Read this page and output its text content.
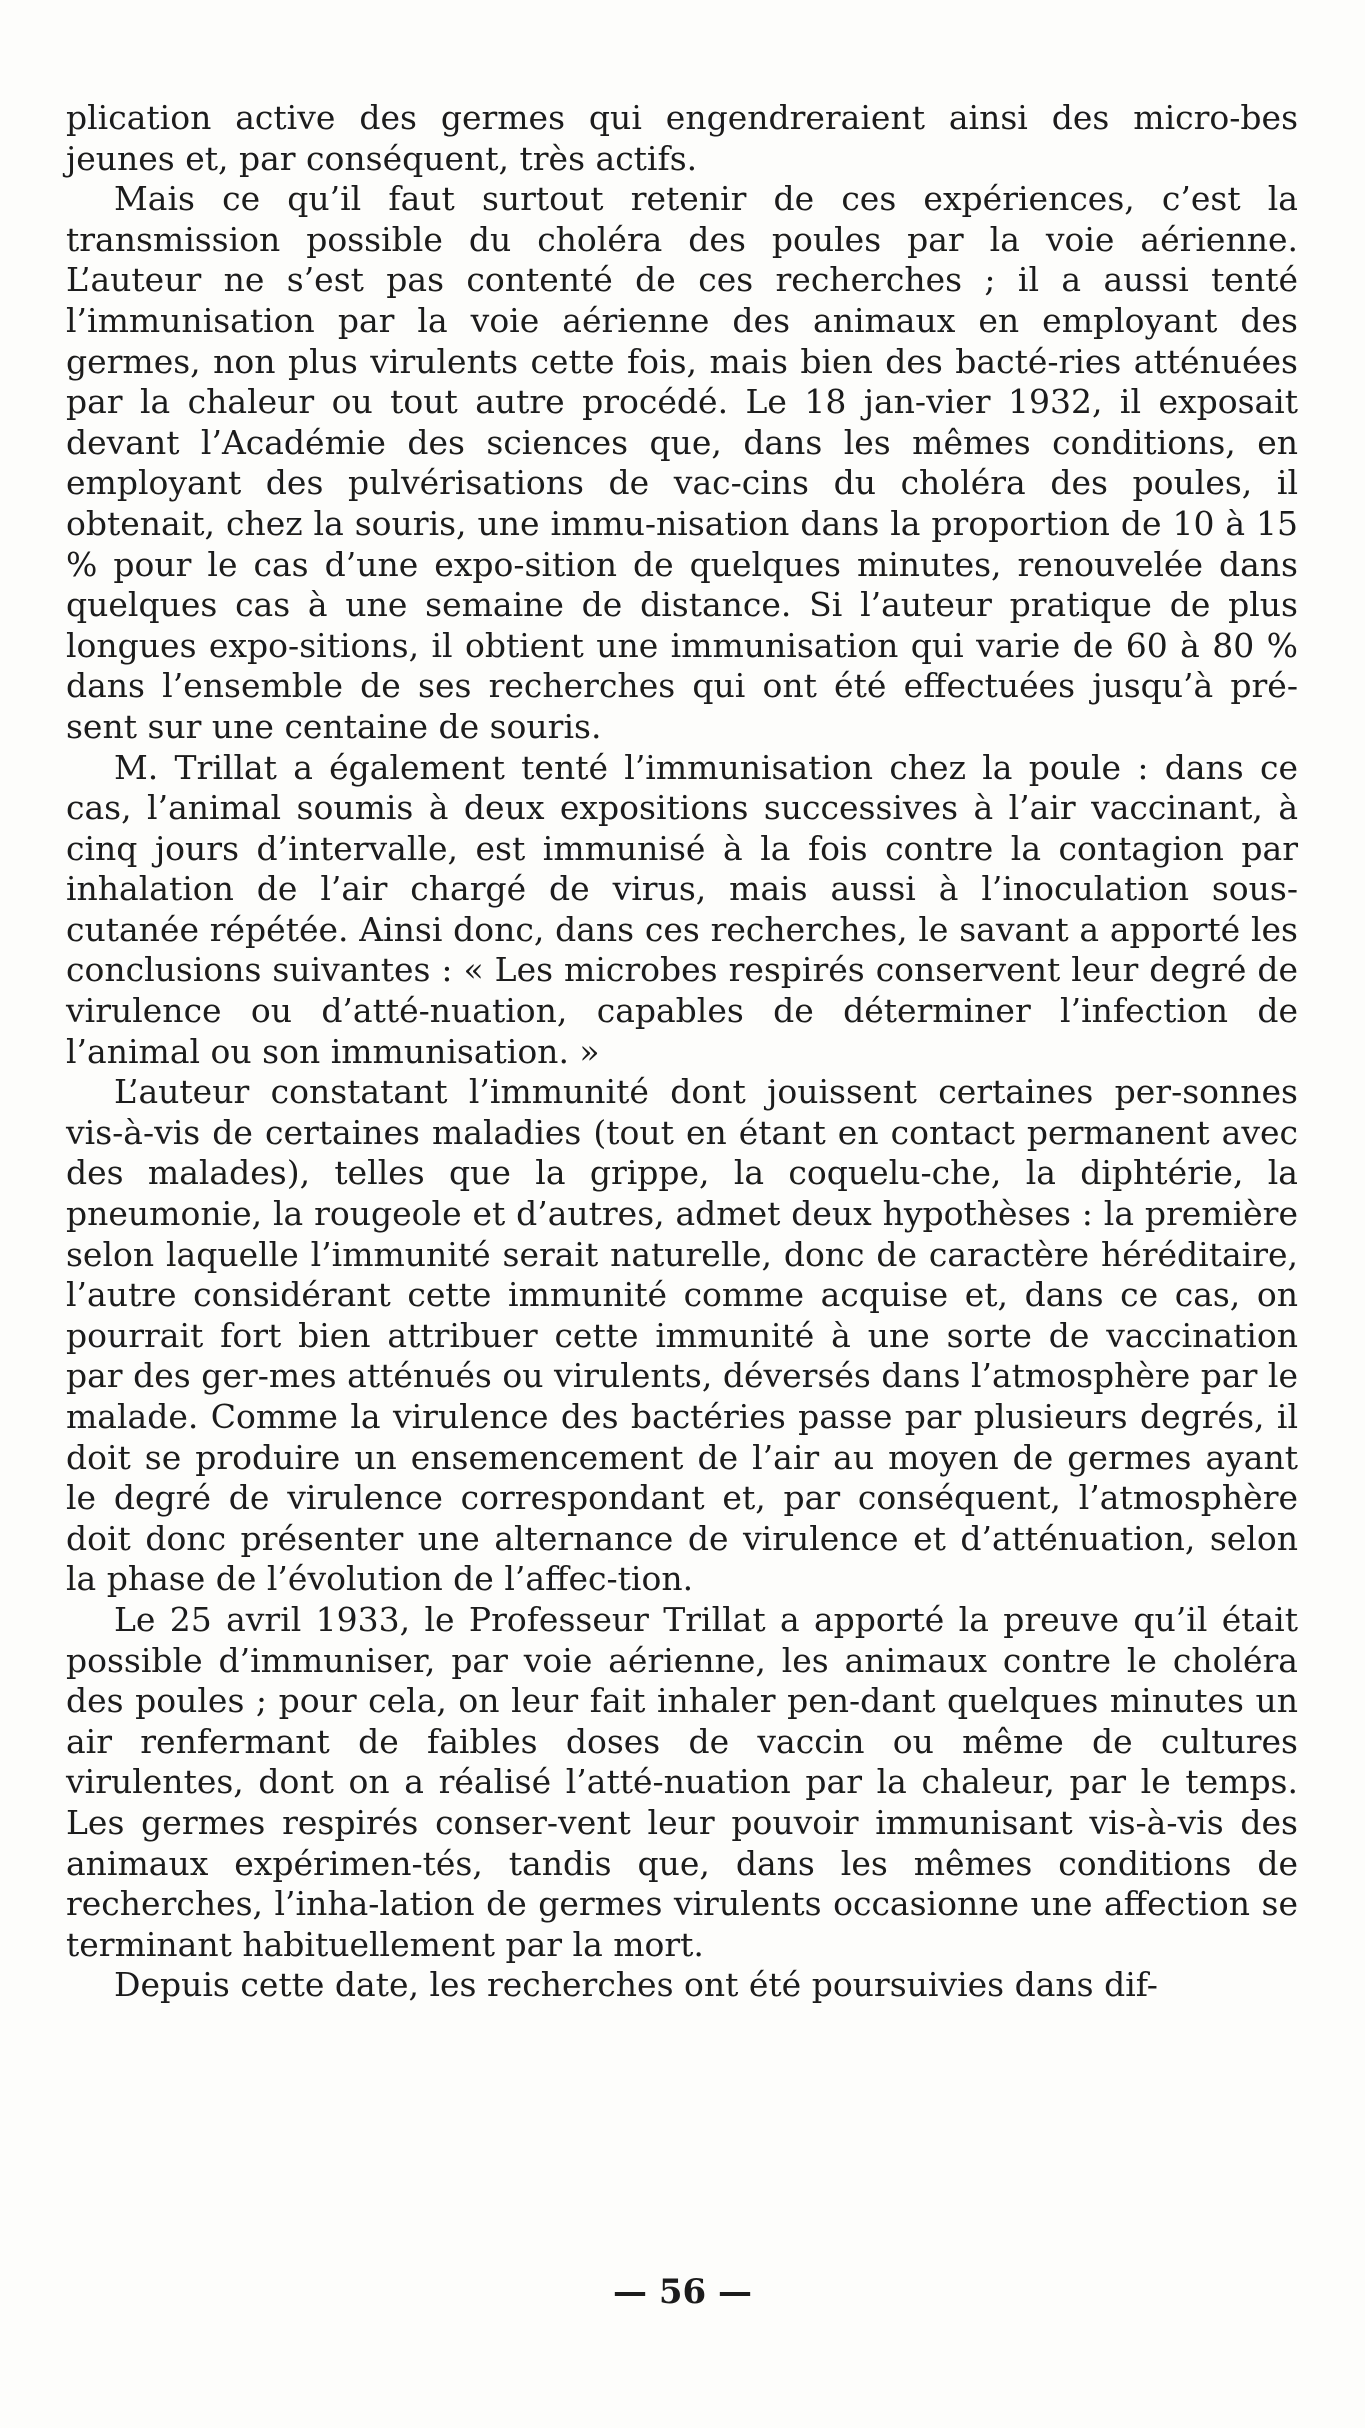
plication active des germes qui engendreraient ainsi des micro-bes jeunes et, par conséquent, très actifs.

Mais ce qu’il faut surtout retenir de ces expériences, c’est la transmission possible du choléra des poules par la voie aérienne. L’auteur ne s’est pas contenté de ces recherches ; il a aussi tenté l’immunisation par la voie aérienne des animaux en employant des germes, non plus virulents cette fois, mais bien des bacté-ries atténuées par la chaleur ou tout autre procédé. Le 18 jan-vier 1932, il exposait devant l’Académie des sciences que, dans les mêmes conditions, en employant des pulvérisations de vac-cins du choléra des poules, il obtenait, chez la souris, une immu-nisation dans la proportion de 10 à 15 % pour le cas d’une expo-sition de quelques minutes, renouvelée dans quelques cas à une semaine de distance. Si l’auteur pratique de plus longues expo-sitions, il obtient une immunisation qui varie de 60 à 80 % dans l’ensemble de ses recherches qui ont été effectuées jusqu’à pré-sent sur une centaine de souris.

M. Trillat a également tenté l’immunisation chez la poule : dans ce cas, l’animal soumis à deux expositions successives à l’air vaccinant, à cinq jours d’intervalle, est immunisé à la fois contre la contagion par inhalation de l’air chargé de virus, mais aussi à l’inoculation sous-cutanée répétée. Ainsi donc, dans ces recherches, le savant a apporté les conclusions suivantes : « Les microbes respirés conservent leur degré de virulence ou d’atté-nuation, capables de déterminer l’infection de l’animal ou son immunisation. »

L’auteur constatant l’immunité dont jouissent certaines per-sonnes vis-à-vis de certaines maladies (tout en étant en contact permanent avec des malades), telles que la grippe, la coquelu-che, la diphtérie, la pneumonie, la rougeole et d’autres, admet deux hypothèses : la première selon laquelle l’immunité serait naturelle, donc de caractère héréditaire, l’autre considérant cette immunité comme acquise et, dans ce cas, on pourrait fort bien attribuer cette immunité à une sorte de vaccination par des ger-mes atténués ou virulents, déversés dans l’atmosphère par le malade. Comme la virulence des bactéries passe par plusieurs degrés, il doit se produire un ensemencement de l’air au moyen de germes ayant le degré de virulence correspondant et, par conséquent, l’atmosphère doit donc présenter une alternance de virulence et d’atténuation, selon la phase de l’évolution de l’affec-tion.

Le 25 avril 1933, le Professeur Trillat a apporté la preuve qu’il était possible d’immuniser, par voie aérienne, les animaux contre le choléra des poules ; pour cela, on leur fait inhaler pen-dant quelques minutes un air renfermant de faibles doses de vaccin ou même de cultures virulentes, dont on a réalisé l’atté-nuation par la chaleur, par le temps. Les germes respirés conser-vent leur pouvoir immunisant vis-à-vis des animaux expérimen-tés, tandis que, dans les mêmes conditions de recherches, l’inha-lation de germes virulents occasionne une affection se terminant habituellement par la mort.

Depuis cette date, les recherches ont été poursuivies dans dif-

— 56 —
